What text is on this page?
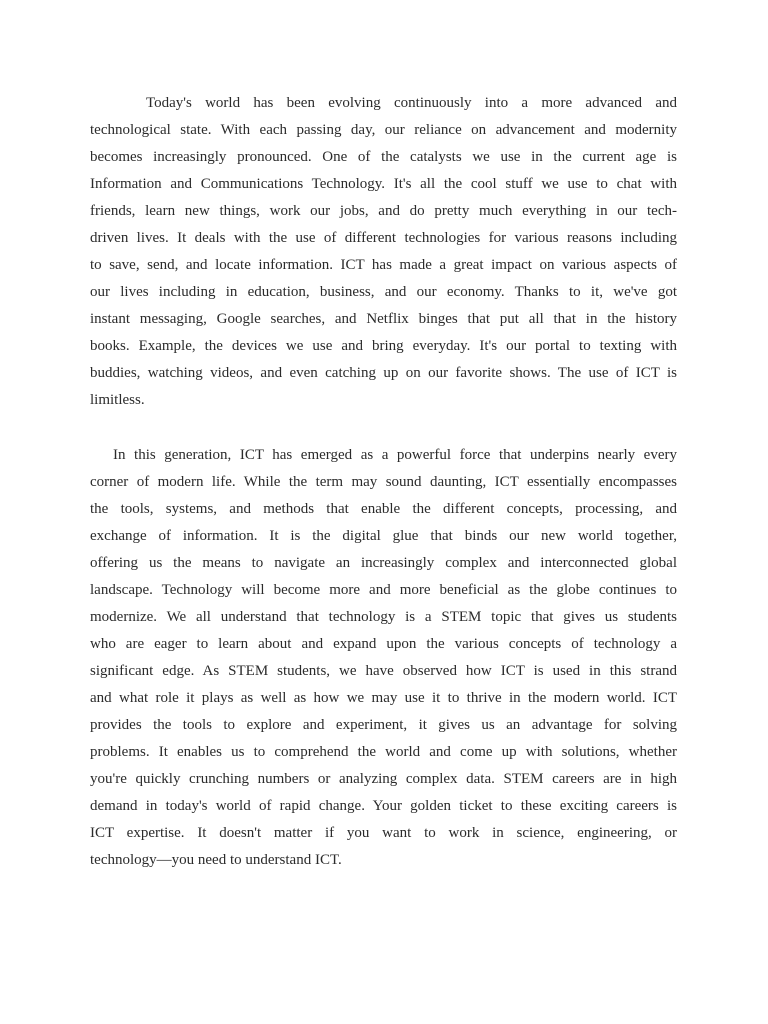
Today's world has been evolving continuously into a more advanced and

technological state. With each passing day, our reliance on advancement and modernity

becomes increasingly pronounced. One of the catalysts we use in the current age is

Information and Communications Technology. It's all the cool stuff we use to chat with

friends, learn new things, work our jobs, and do pretty much everything in our tech-

driven lives. It deals with the use of different technologies for various reasons including

to save, send, and locate information. ICT has made a great impact on various aspects of

our lives including in education, business, and our economy. Thanks to it, we've got

instant messaging, Google searches, and Netflix binges that put all that in the history

books. Example, the devices we use and bring everyday. It's our portal to texting with

buddies, watching videos, and even catching up on our favorite shows. The use of ICT is

limitless.

In this generation, ICT has emerged as a powerful force that underpins nearly every

corner of modern life. While the term may sound daunting, ICT essentially encompasses

the tools, systems, and methods that enable the different concepts, processing, and

exchange of information. It is the digital glue that binds our new world together,

offering us the means to navigate an increasingly complex and interconnected global

landscape. Technology will become more and more beneficial as the globe continues to

modernize. We all understand that technology is a STEM topic that gives us students

who are eager to learn about and expand upon the various concepts of technology a

significant edge. As STEM students, we have observed how ICT is used in this strand

and what role it plays as well as how we may use it to thrive in the modern world. ICT

provides the tools to explore and experiment, it gives us an advantage for solving

problems. It enables us to comprehend the world and come up with solutions, whether

you're quickly crunching numbers or analyzing complex data. STEM careers are in high

demand in today's world of rapid change. Your golden ticket to these exciting careers is

ICT expertise. It doesn't matter if you want to work in science, engineering, or

technology—you need to understand ICT.
